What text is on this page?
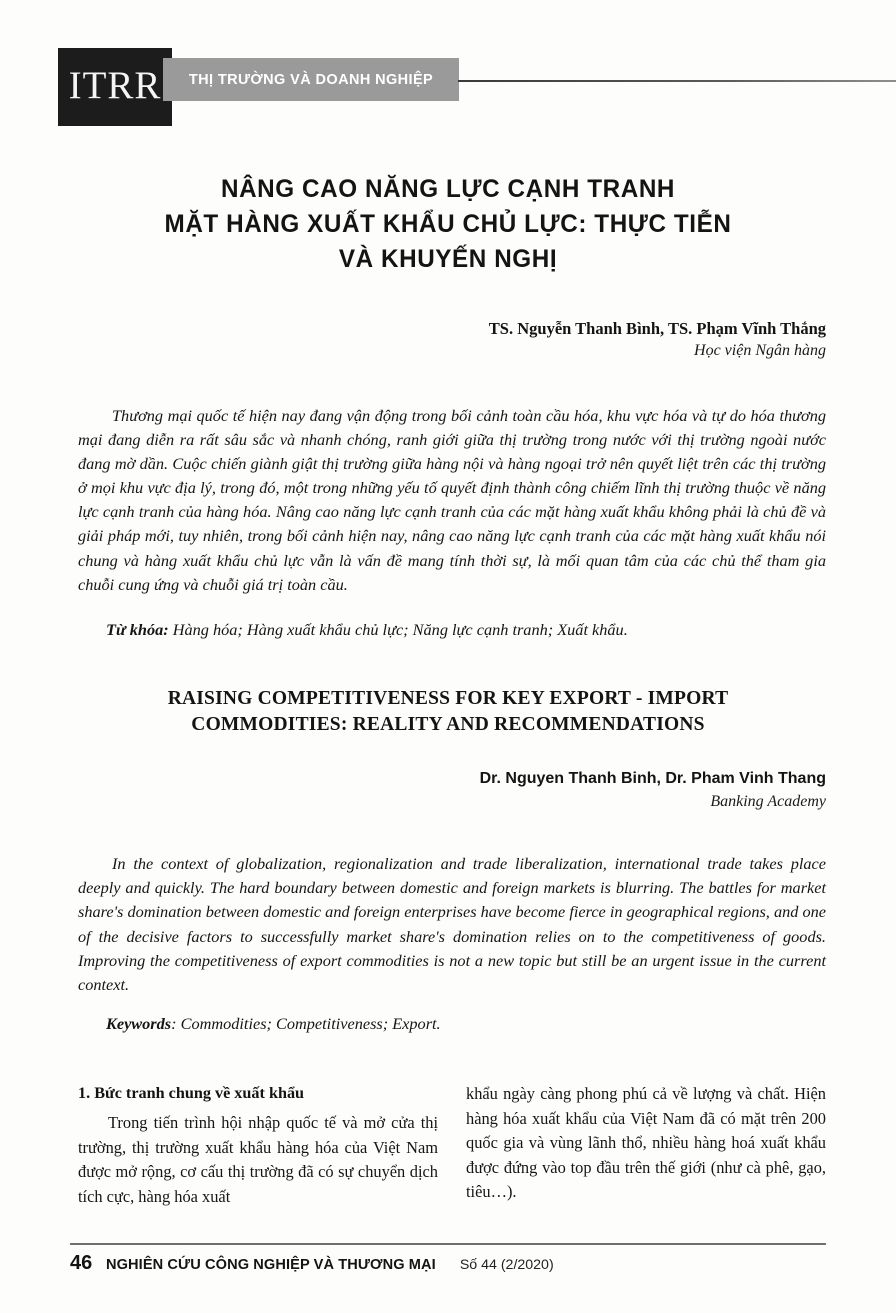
ITRR THỊ TRƯỜNG VÀ DOANH NGHIỆP
NÂNG CAO NĂNG LỰC CẠNH TRANH
MẶT HÀNG XUẤT KHẨU CHỦ LỰC: THỰC TIỄN
VÀ KHUYẾN NGHỊ
TS. Nguyễn Thanh Bình, TS. Phạm Vĩnh Thắng
Học viện Ngân hàng
Thương mại quốc tế hiện nay đang vận động trong bối cảnh toàn cầu hóa, khu vực hóa và tự do hóa thương mại đang diễn ra rất sâu sắc và nhanh chóng, ranh giới giữa thị trường trong nước với thị trường ngoài nước đang mờ dần. Cuộc chiến giành giật thị trường giữa hàng nội và hàng ngoại trở nên quyết liệt trên các thị trường ở mọi khu vực địa lý, trong đó, một trong những yếu tố quyết định thành công chiếm lĩnh thị trường thuộc về năng lực cạnh tranh của hàng hóa. Nâng cao năng lực cạnh tranh của các mặt hàng xuất khẩu không phải là chủ đề và giải pháp mới, tuy nhiên, trong bối cảnh hiện nay, nâng cao năng lực cạnh tranh của các mặt hàng xuất khẩu nói chung và hàng xuất khẩu chủ lực vẫn là vấn đề mang tính thời sự, là mối quan tâm của các chủ thể tham gia chuỗi cung ứng và chuỗi giá trị toàn cầu.
Từ khóa: Hàng hóa; Hàng xuất khẩu chủ lực; Năng lực cạnh tranh; Xuất khẩu.
RAISING COMPETITIVENESS FOR KEY EXPORT - IMPORT
COMMODITIES: REALITY AND RECOMMENDATIONS
Dr. Nguyen Thanh Binh, Dr. Pham Vinh Thang
Banking Academy
In the context of globalization, regionalization and trade liberalization, international trade takes place deeply and quickly. The hard boundary between domestic and foreign markets is blurring. The battles for market share's domination between domestic and foreign enterprises have become fierce in geographical regions, and one of the decisive factors to successfully market share's domination relies on to the competitiveness of goods. Improving the competitiveness of export commodities is not a new topic but still be an urgent issue in the current context.
Keywords: Commodities; Competitiveness; Export.
1. Bức tranh chung về xuất khẩu
Trong tiến trình hội nhập quốc tế và mở cửa thị trường, thị trường xuất khẩu hàng hóa của Việt Nam được mở rộng, cơ cấu thị trường đã có sự chuyển dịch tích cực, hàng hóa xuất
khẩu ngày càng phong phú cả về lượng và chất. Hiện hàng hóa xuất khẩu của Việt Nam đã có mặt trên 200 quốc gia và vùng lãnh thổ, nhiều hàng hoá xuất khẩu được đứng vào top đầu trên thế giới (như cà phê, gạo, tiêu…).
46 NGHIÊN CỨU CÔNG NGHIỆP VÀ THƯƠNG MẠI Số 44 (2/2020)
